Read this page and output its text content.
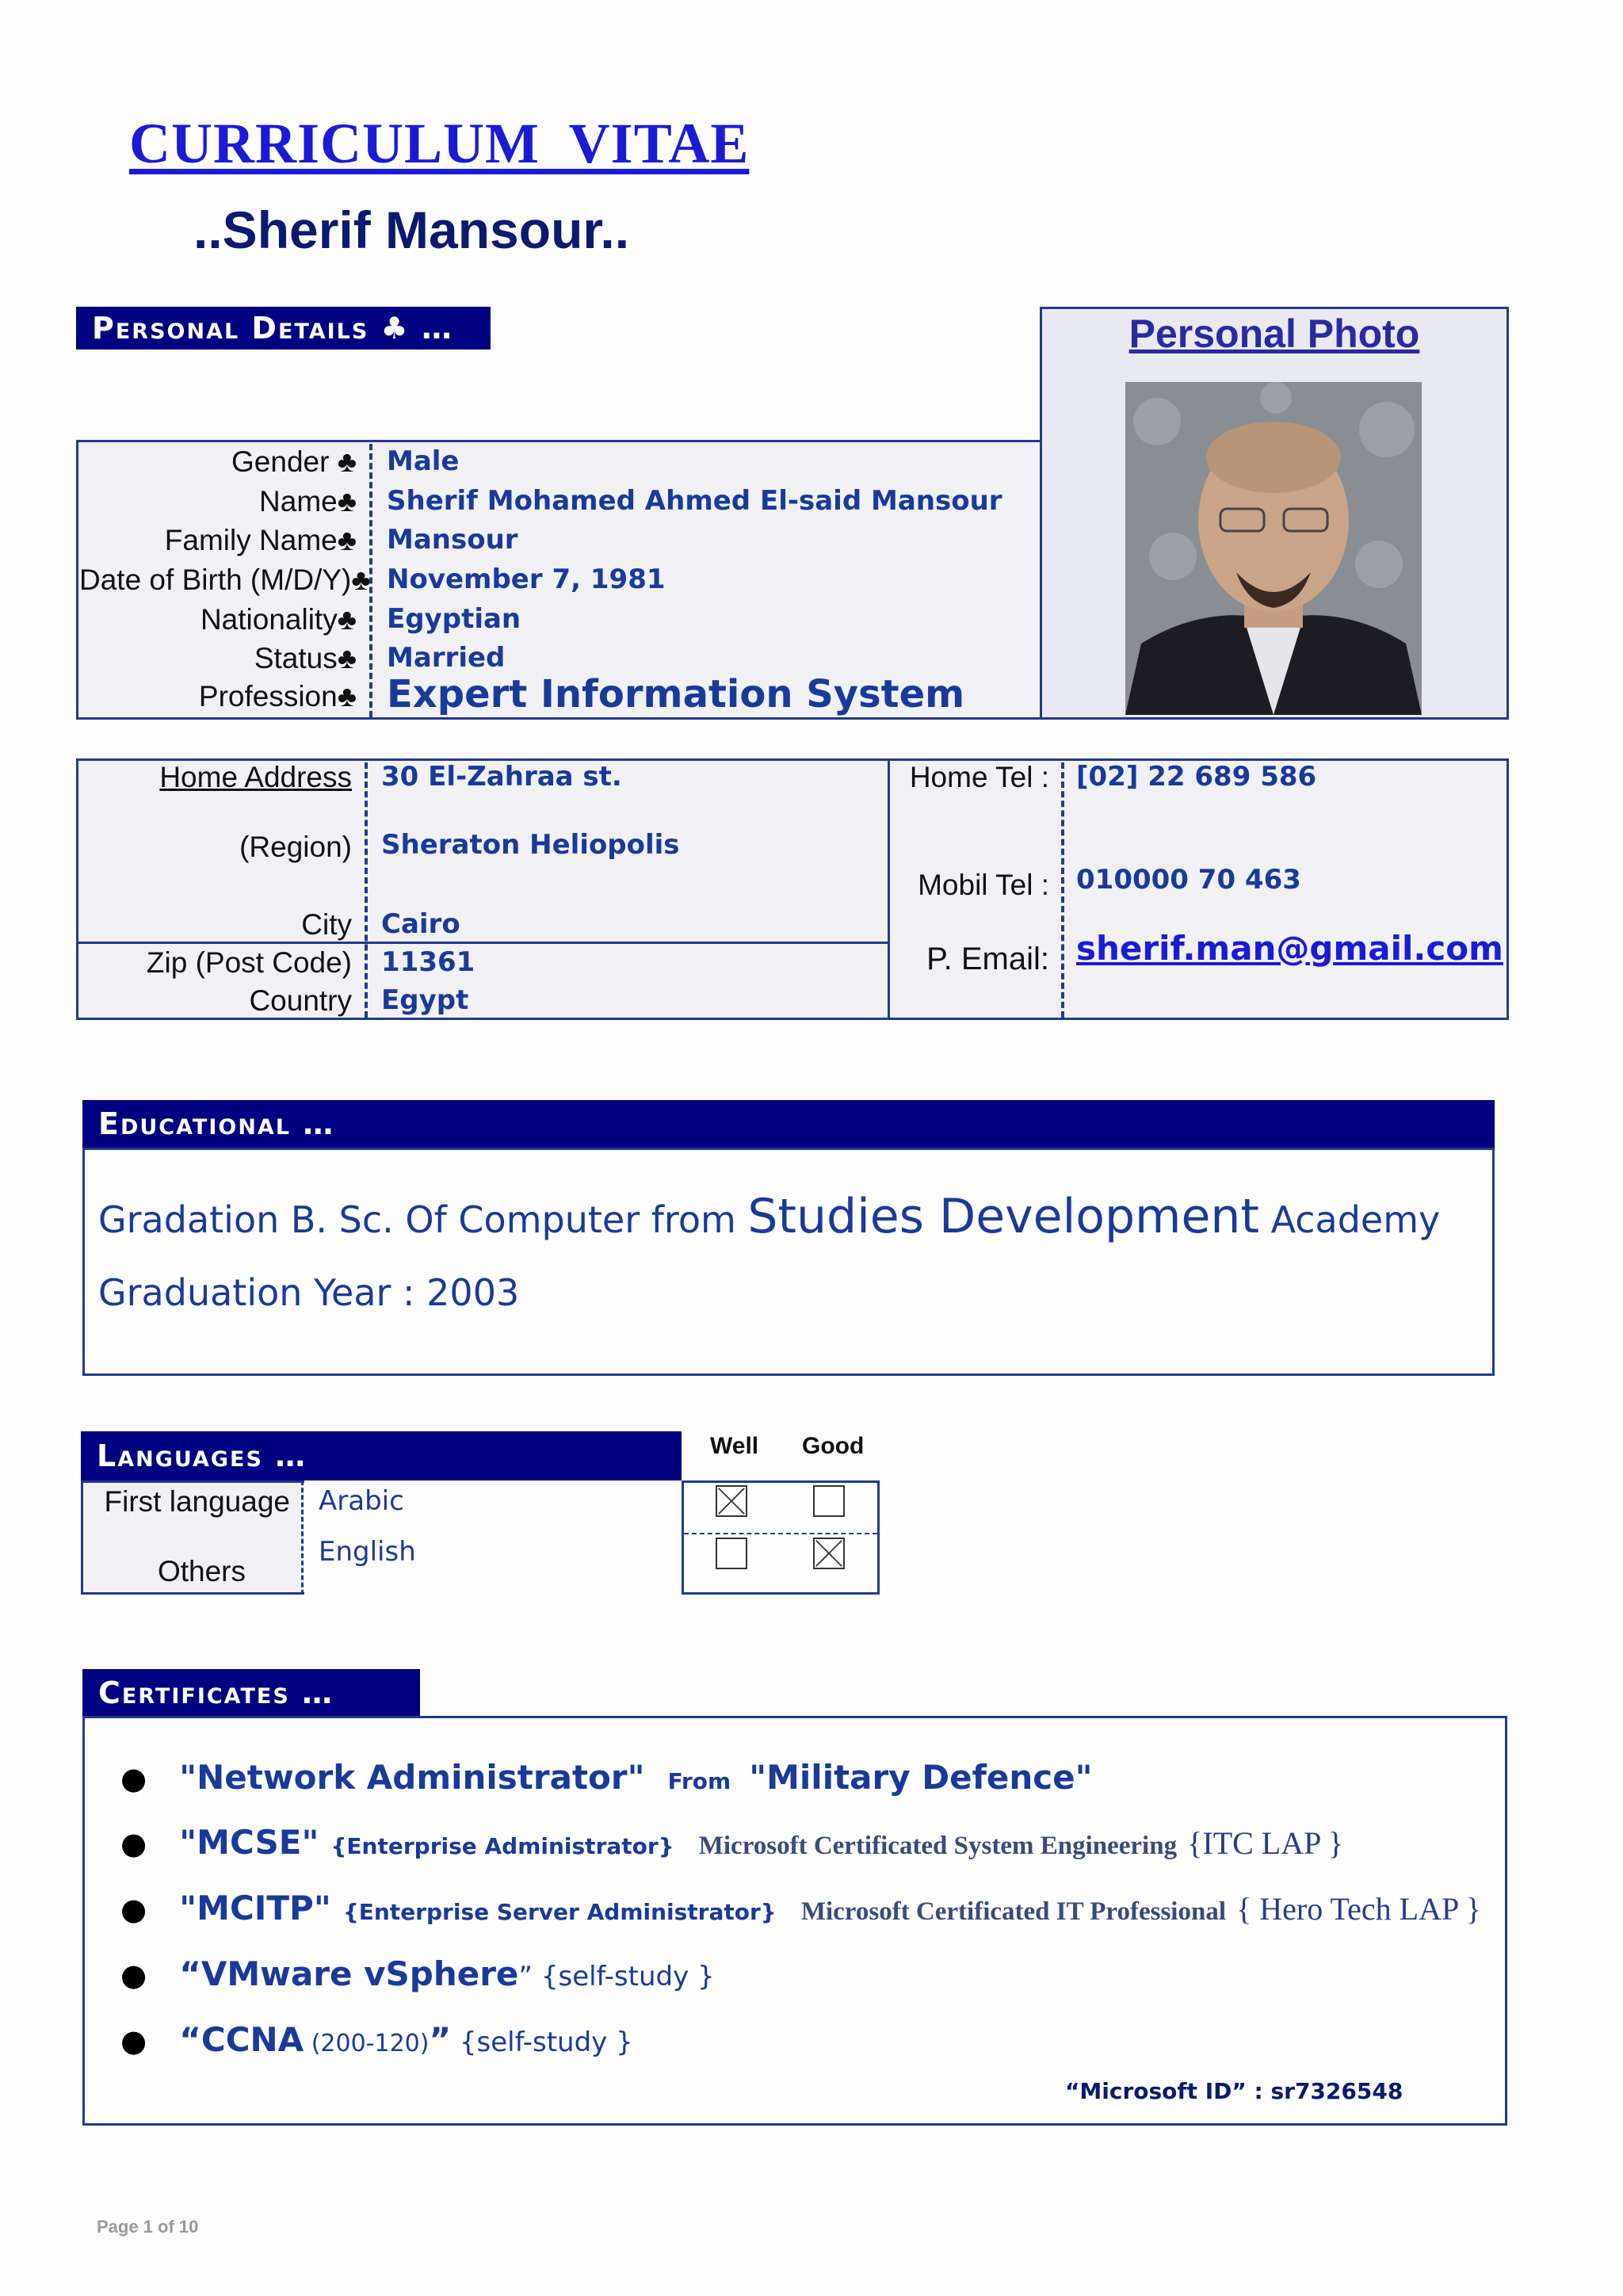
CURRICULUM  VITAE
..Sherif Mansour..
Personal Details ♣ …
Gender ♣ Male
Name♣ Sherif Mohamed Ahmed El-said Mansour
Family Name♣ Mansour
Date of Birth (M/D/Y)♣ November 7, 1981
Nationality♣ Egyptian
Status♣ Married
Profession♣ Expert Information System
Personal Photo
Home Address 30 El-Zahraa st.
(Region) Sheraton Heliopolis
City Cairo
Zip (Post Code) 11361
Country Egypt
Home Tel : [02] 22 689 586
Mobil Tel : 010000 70 463
P. Email: sherif.man@gmail.com
Educational …
Gradation B. Sc. Of Computer from Studies Development Academy
Graduation Year : 2003
Languages …	Well Good
First language Arabic
Others
English
Certificates …
● "Network Administrator" From "Military Defence"
● "MCSE" {Enterprise Administrator} Microsoft Certificated System Engineering {ITC LAP }
● "MCITP" {Enterprise Server Administrator} Microsoft Certificated IT Professional { Hero Tech LAP }
● “VMware vSphere” {self-study }
● “CCNA (200-120)” {self-study }
“Microsoft ID” : sr7326548
Page 1 of 10
